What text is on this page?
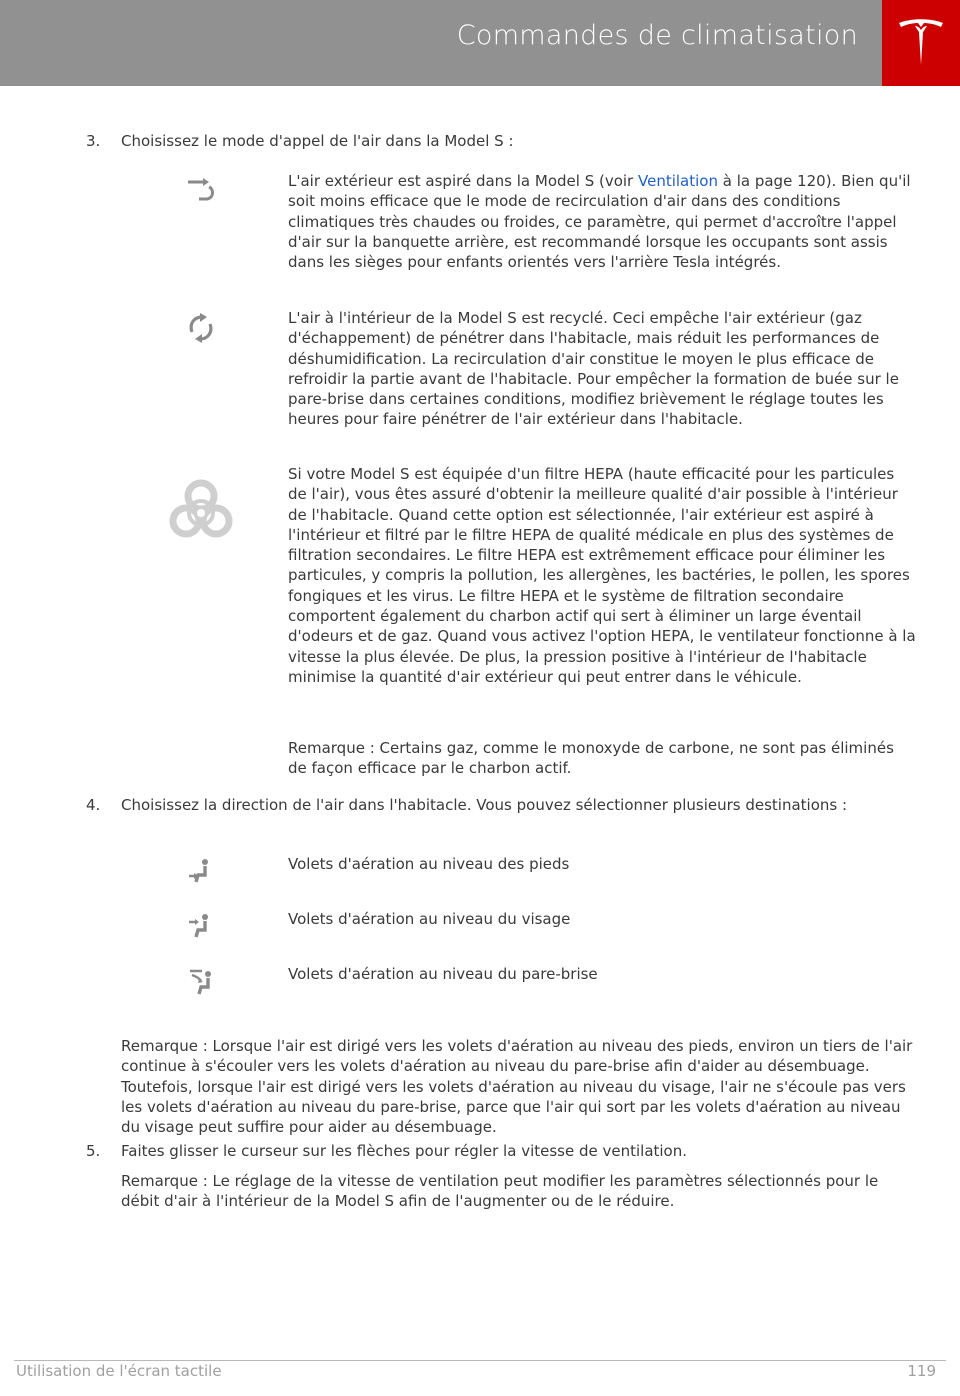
Commandes de climatisation
3. Choisissez le mode d'appel de l'air dans la Model S :
L'air extérieur est aspiré dans la Model S (voir Ventilation à la page 120). Bien qu'il soit moins efficace que le mode de recirculation d'air dans des conditions climatiques très chaudes ou froides, ce paramètre, qui permet d'accroître l'appel d'air sur la banquette arrière, est recommandé lorsque les occupants sont assis dans les sièges pour enfants orientés vers l'arrière Tesla intégrés.
L'air à l'intérieur de la Model S est recyclé. Ceci empêche l'air extérieur (gaz d'échappement) de pénétrer dans l'habitacle, mais réduit les performances de déshumidification. La recirculation d'air constitue le moyen le plus efficace de refroidir la partie avant de l'habitacle. Pour empêcher la formation de buée sur le pare-brise dans certaines conditions, modifiez brièvement le réglage toutes les heures pour faire pénétrer de l'air extérieur dans l'habitacle.
Si votre Model S est équipée d'un filtre HEPA (haute efficacité pour les particules de l'air), vous êtes assuré d'obtenir la meilleure qualité d'air possible à l'intérieur de l'habitacle. Quand cette option est sélectionnée, l'air extérieur est aspiré à l'intérieur et filtré par le filtre HEPA de qualité médicale en plus des systèmes de filtration secondaires. Le filtre HEPA est extrêmement efficace pour éliminer les particules, y compris la pollution, les allergènes, les bactéries, le pollen, les spores fongiques et les virus. Le filtre HEPA et le système de filtration secondaire comportent également du charbon actif qui sert à éliminer un large éventail d'odeurs et de gaz. Quand vous activez l'option HEPA, le ventilateur fonctionne à la vitesse la plus élevée. De plus, la pression positive à l'intérieur de l'habitacle minimise la quantité d'air extérieur qui peut entrer dans le véhicule.
Remarque : Certains gaz, comme le monoxyde de carbone, ne sont pas éliminés de façon efficace par le charbon actif.
4. Choisissez la direction de l'air dans l'habitacle. Vous pouvez sélectionner plusieurs destinations :
Volets d'aération au niveau des pieds
Volets d'aération au niveau du visage
Volets d'aération au niveau du pare-brise
Remarque : Lorsque l'air est dirigé vers les volets d'aération au niveau des pieds, environ un tiers de l'air continue à s'écouler vers les volets d'aération au niveau du pare-brise afin d'aider au désembuage. Toutefois, lorsque l'air est dirigé vers les volets d'aération au niveau du visage, l'air ne s'écoule pas vers les volets d'aération au niveau du pare-brise, parce que l'air qui sort par les volets d'aération au niveau du visage peut suffire pour aider au désembuage.
5. Faites glisser le curseur sur les flèches pour régler la vitesse de ventilation.
Remarque : Le réglage de la vitesse de ventilation peut modifier les paramètres sélectionnés pour le débit d'air à l'intérieur de la Model S afin de l'augmenter ou de le réduire.
Utilisation de l'écran tactile	119
